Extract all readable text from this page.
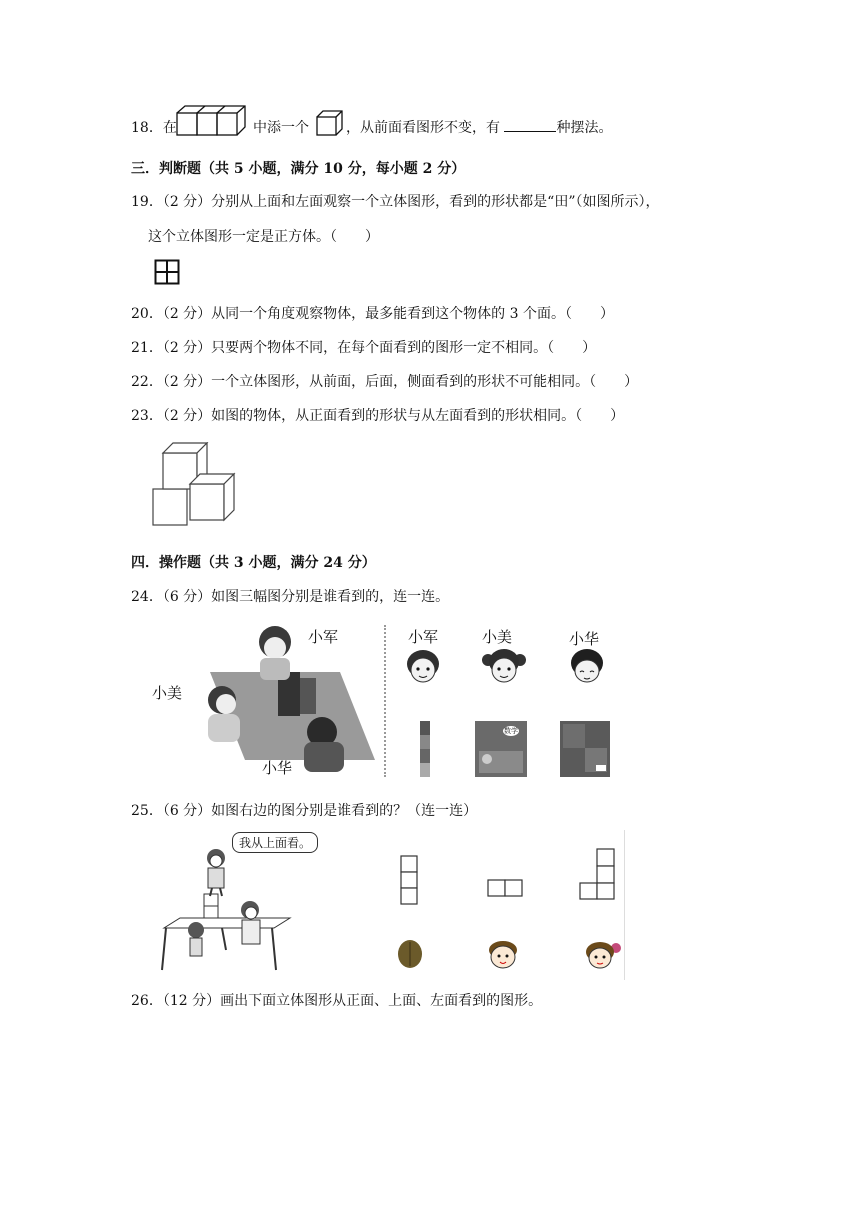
18．在	中添一个	，从前面看图形不变，有	种摆法。
三．判断题（共 5 小题，满分 10 分，每小题 2 分）
19．（2 分）分别从上面和左面观察一个立体图形，看到的形状都是“田”（如图所示），
这个立体图形一定是正方体。（　　）
20．（2 分）从同一个角度观察物体，最多能看到这个物体的 3 个面。（　　）
21．（2 分）只要两个物体不同，在每个面看到的图形一定不相同。（　　）
22．（2 分）一个立体图形，从前面，后面，侧面看到的形状不可能相同。（　　）
23．（2 分）如图的物体，从正面看到的形状与从左面看到的形状相同。（　　）
四．操作题（共 3 小题，满分 24 分）
24．（6 分）如图三幅图分别是谁看到的，连一连。
小军
小美
小华
小军	小美	小华
数学
25．（6 分）如图右边的图分别是谁看到的？（连一连）
我从上面看。
26．（12 分）画出下面立体图形从正面、上面、左面看到的图形。
